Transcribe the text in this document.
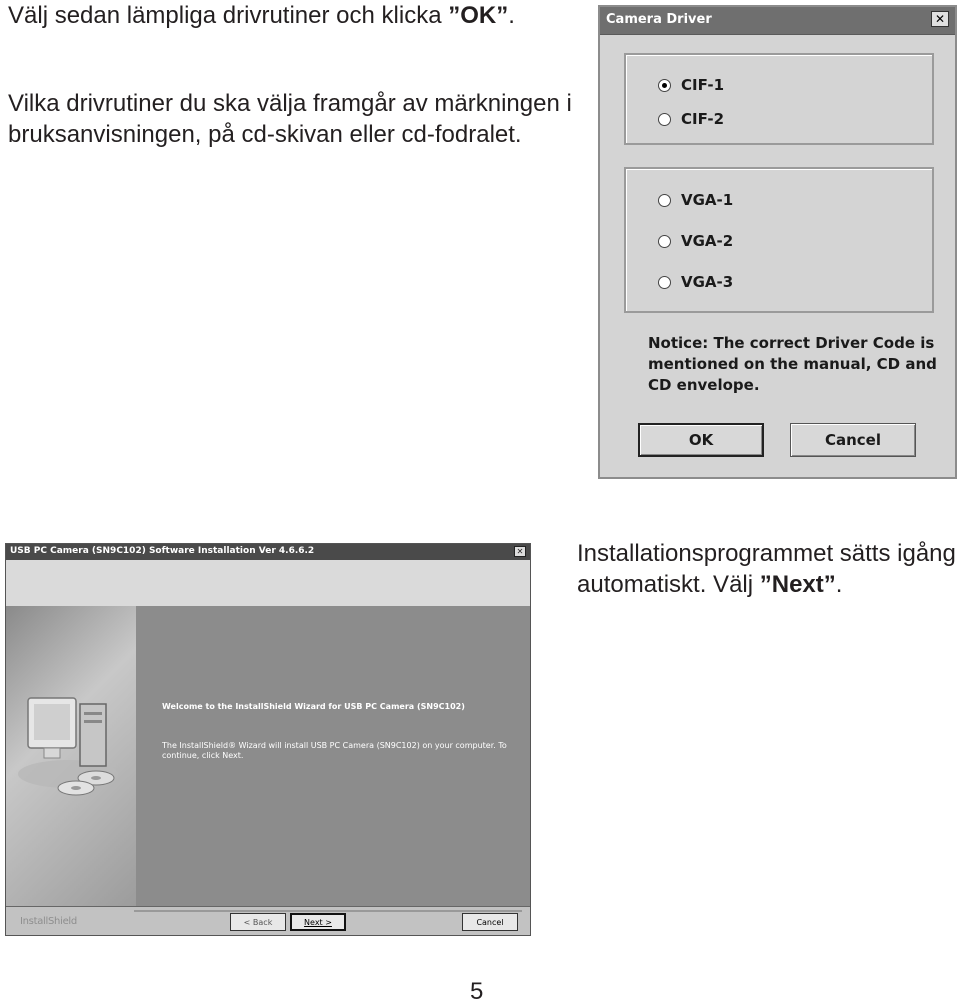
Välj sedan lämpliga drivrutiner och klicka ”OK”.
Vilka drivrutiner du ska välja framgår av märkningen i bruksanvisningen, på cd-skivan eller cd-fodralet.
Camera Driver	✕
CIF-1
CIF-2
VGA-1
VGA-2
VGA-3
Notice: The correct Driver Code is mentioned on the manual, CD and CD envelope.
OK	Cancel
USB PC Camera (SN9C102) Software Installation Ver 4.6.6.2	✕
Welcome to the InstallShield Wizard for USB PC Camera (SN9C102)
The InstallShield® Wizard will install USB PC Camera (SN9C102) on your computer. To continue, click Next.
InstallShield	< Back	Next >	Cancel
Installationsprogrammet sätts igång automatiskt. Välj ”Next”.
5
